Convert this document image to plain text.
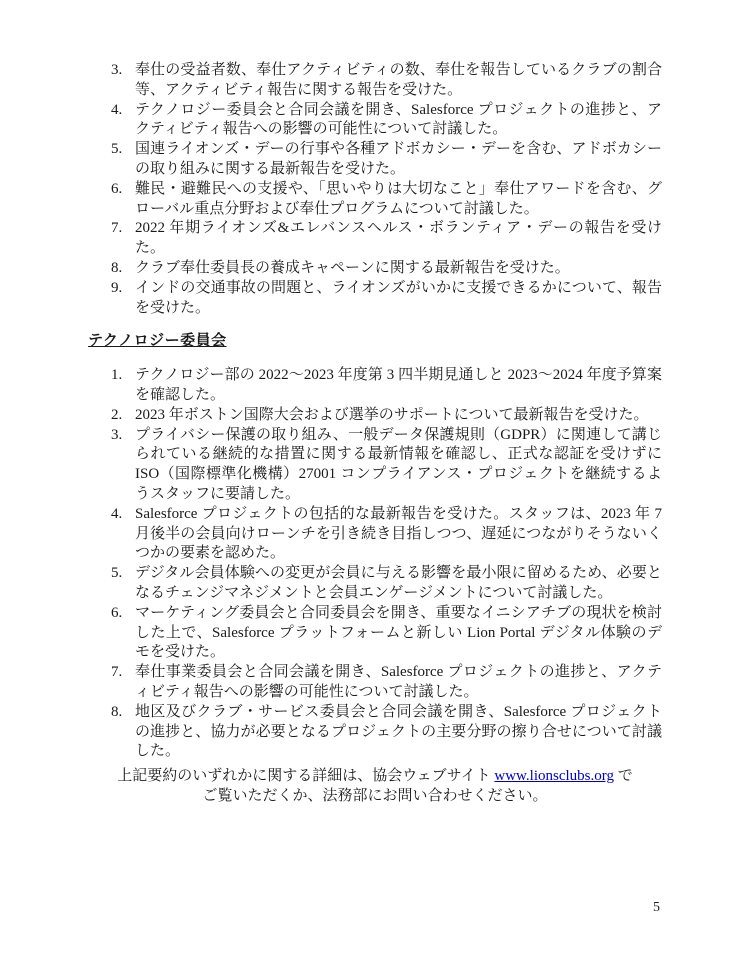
3. 奉仕の受益者数、奉仕アクティビティの数、奉仕を報告しているクラブの割合等、アクティビティ報告に関する報告を受けた。
4. テクノロジー委員会と合同会議を開き、Salesforce プロジェクトの進捗と、アクティビティ報告への影響の可能性について討議した。
5. 国連ライオンズ・デーの行事や各種アドボカシー・デーを含む、アドボカシーの取り組みに関する最新報告を受けた。
6. 難民・避難民への支援や、「思いやりは大切なこと」奉仕アワードを含む、グローバル重点分野および奉仕プログラムについて討議した。
7. 2022 年期ライオンズ&エレバンスヘルス・ボランティア・デーの報告を受けた。
8. クラブ奉仕委員長の養成キャペーンに関する最新報告を受けた。
9. インドの交通事故の問題と、ライオンズがいかに支援できるかについて、報告を受けた。
テクノロジー委員会
1. テクノロジー部の 2022～2023 年度第 3 四半期見通しと 2023～2024 年度予算案を確認した。
2. 2023 年ボストン国際大会および選挙のサポートについて最新報告を受けた。
3. プライバシー保護の取り組み、一般データ保護規則（GDPR）に関連して講じられている継続的な措置に関する最新情報を確認し、正式な認証を受けずに ISO（国際標準化機構）27001 コンプライアンス・プロジェクトを継続するようスタッフに要請した。
4. Salesforce プロジェクトの包括的な最新報告を受けた。スタッフは、2023 年 7 月後半の会員向けローンチを引き続き目指しつつ、遅延につながりそうないくつかの要素を認めた。
5. デジタル会員体験への変更が会員に与える影響を最小限に留めるため、必要となるチェンジマネジメントと会員エンゲージメントについて討議した。
6. マーケティング委員会と合同委員会を開き、重要なイニシアチブの現状を検討した上で、Salesforce プラットフォームと新しい Lion Portal デジタル体験のデモを受けた。
7. 奉仕事業委員会と合同会議を開き、Salesforce プロジェクトの進捗と、アクティビティ報告への影響の可能性について討議した。
8. 地区及びクラブ・サービス委員会と合同会議を開き、Salesforce プロジェクトの進捗と、協力が必要となるプロジェクトの主要分野の擦り合せについて討議した。
上記要約のいずれかに関する詳細は、協会ウェブサイト www.lionsclubs.org で
ご覧いただくか、法務部にお問い合わせください。
5
